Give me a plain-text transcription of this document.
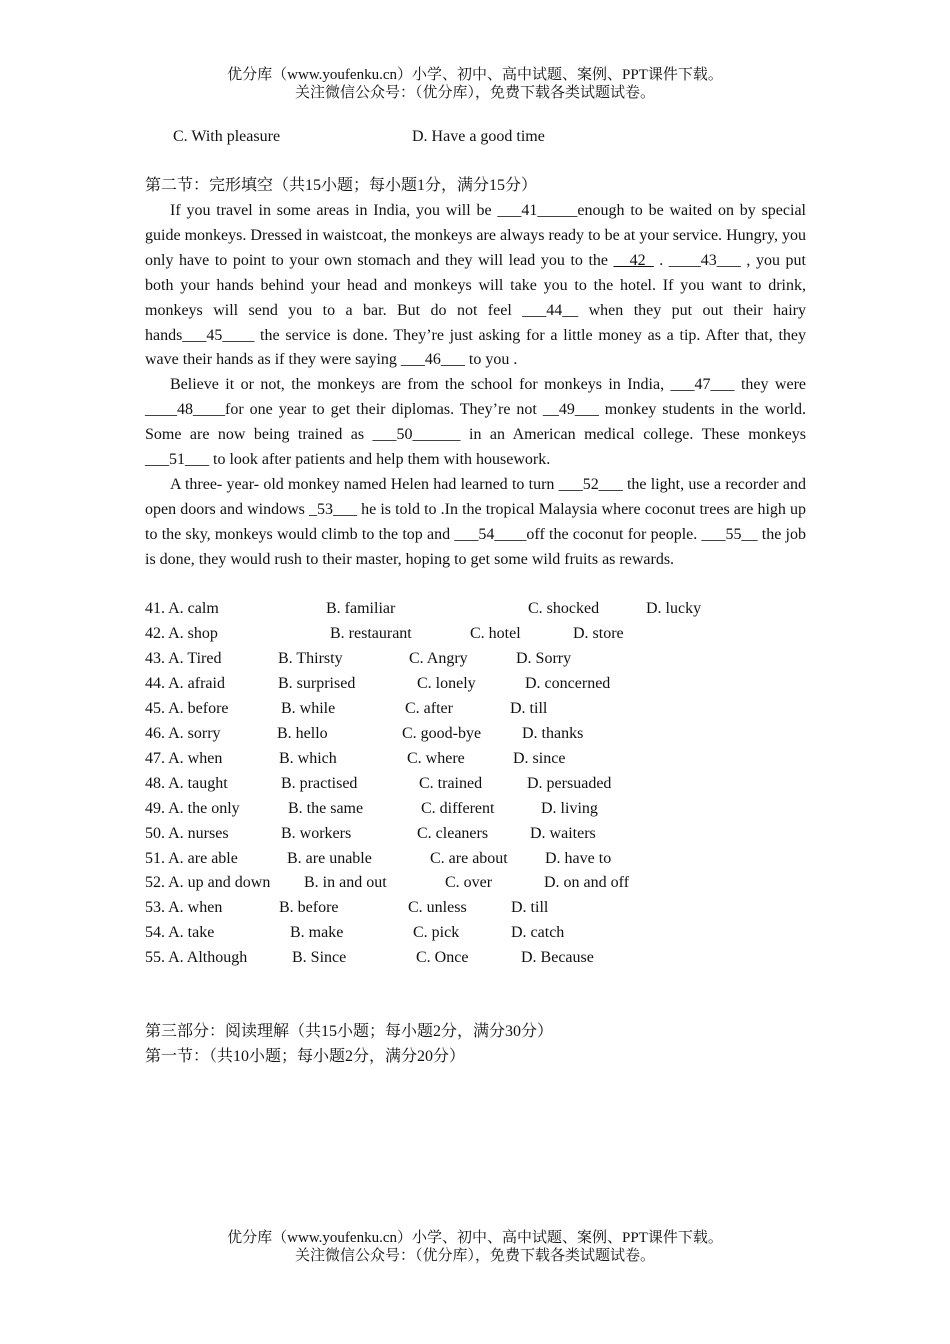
优分库（www.youfenku.cn）小学、初中、高中试题、案例、PPT课件下载。
关注微信公众号：（优分库），免费下载各类试题试卷。
C. With pleasure	D. Have a good time
第二节：完形填空（共15小题；每小题1分，满分15分）

If you travel in some areas in India, you will be ___41_____enough to be waited on by special guide monkeys. Dressed in waistcoat, the monkeys are always ready to be at your service. Hungry, you only have to point to your own stomach and they will lead you to the __42_ . ____43___ , you put both your hands behind your head and monkeys will take you to the hotel. If you want to drink, monkeys will send you to a bar. But do not feel ___44__ when they put out their hairy hands___45____ the service is done. They’re just asking for a little money as a tip. After that, they wave their hands as if they were saying ___46___ to you .

Believe it or not, the monkeys are from the school for monkeys in India, ___47___ they were ____48____for one year to get their diplomas. They’re not __49___ monkey students in the world. Some are now being trained as ___50______ in an American medical college. These monkeys ___51___ to look after patients and help them with housework.

A three- year- old monkey named Helen had learned to turn ___52___ the light, use a recorder and open doors and windows _53___ he is told to .In the tropical Malaysia where coconut trees are high up to the sky, monkeys would climb to the top and ___54____off the coconut for people. ___55__ the job is done, they would rush to their master, hoping to get some wild fruits as rewards.

41. A. calm	B. familiar	C. shocked	D. lucky
42. A. shop	B. restaurant	C. hotel	D. store
43. A. Tired	B. Thirsty	C. Angry	D. Sorry
44. A. afraid	B. surprised	C. lonely	D. concerned
45. A. before	B. while	C. after	D. till
46. A. sorry	B. hello	C. good-bye	D. thanks
47. A. when	B. which	C. where	D. since
48. A. taught	B. practised	C. trained	D. persuaded
49. A. the only	B. the same	C. different	D. living
50. A. nurses	B. workers	C. cleaners	D. waiters
51. A. are able	B. are unable	C. are about D. have to
52. A. up and down B. in and out	C. over	D. on and off
53. A. when	B. before	C. unless	D. till
54. A. take	B. make	C. pick	D. catch
55. A. Although	B. Since	C. Once	D. Because
第三部分：阅读理解（共15小题；每小题2分，满分30分）
第一节：（共10小题；每小题2分，满分20分）
优分库（www.youfenku.cn）小学、初中、高中试题、案例、PPT课件下载。
关注微信公众号：（优分库），免费下载各类试题试卷。
